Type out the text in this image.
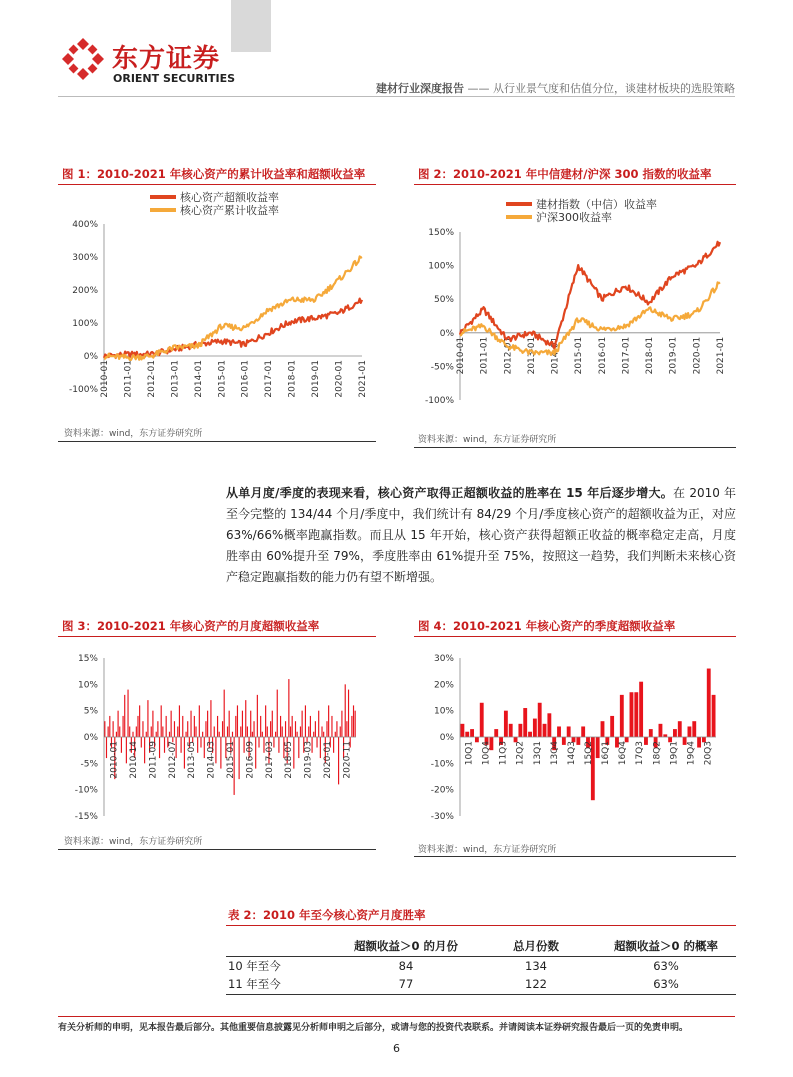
东方证券
ORIENT SECURITIES
建材行业深度报告 —— 从行业景气度和估值分位，谈建材板块的选股策略
图 1：2010-2021 年核心资产的累计收益率和超额收益率
400%
300%
200%
100%
0%
-100% 2010-01 2011-01 2012-01 2013-01 2014-01 2015-01 2016-01 2017-01 2018-01 2019-01 2020-01 2021-01
核心资产超额收益率
核心资产累计收益率
资料来源：wind，东方证券研究所
图 2：2010-2021 年中信建材/沪深 300 指数的收益率
150%
100%
50%
0%
-50%
-100%
2010-01 2011-01 2012-01 2013-01 2014-01 2015-01 2016-01 2017-01 2018-01 2019-01 2020-01 2021-01
建材指数（中信）收益率
沪深300收益率
资料来源：wind，东方证券研究所
从单月度/季度的表现来看，核心资产取得正超额收益的胜率在 15 年后逐步增大。在 2010 年至今完整的 134/44 个月/季度中，我们统计有 84/29 个月/季度核心资产的超额收益为正，对应 63%/66%概率跑赢指数。而且从 15 年开始，核心资产获得超额正收益的概率稳定走高，月度胜率由 60%提升至 79%，季度胜率由 61%提升至 75%，按照这一趋势，我们判断未来核心资产稳定跑赢指数的能力仍有望不断增强。
图 3：2010-2021 年核心资产的月度超额收益率
15%
10%
5%
0%
-5%
-10%
-15%
2010-01 2010-14 2011-09 2012-07 2013-05 2014-03 2015-01 2016-09 2017-03 2018-05 2019-03 2020-01 2020-11
资料来源：wind，东方证券研究所
图 4：2010-2021 年核心资产的季度超额收益率
30%
20%
10%
0%
-10%
-20%
-30%
10Q1 10Q4 11Q3 12Q2 13Q1 13Q4 14Q3 15Q2 16Q1 16Q4 17Q3 18Q2 19Q1 19Q4 20Q3
资料来源：wind，东方证券研究所
表 2：2010 年至今核心资产月度胜率
	超额收益＞0 的月份	总月份数	超额收益＞0 的概率
10 年至今	84	134	63%
11 年至今	77	122	63%
有关分析师的申明，见本报告最后部分。其他重要信息披露见分析师申明之后部分，或请与您的投资代表联系。并请阅读本证券研究报告最后一页的免责申明。
6
